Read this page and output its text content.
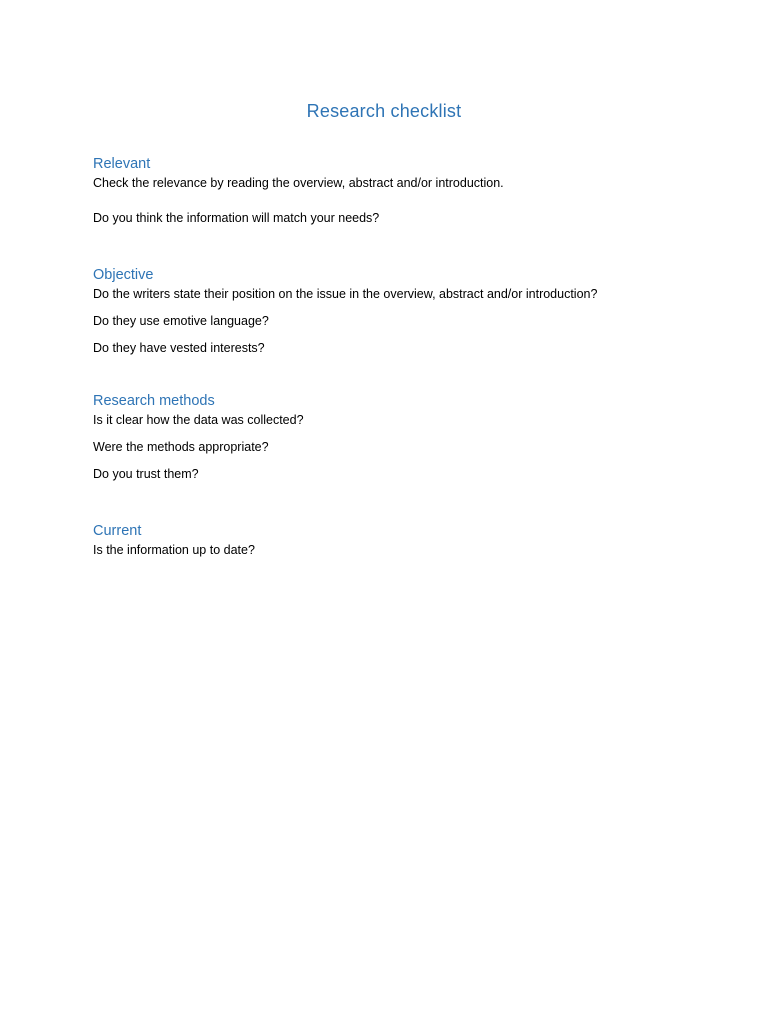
Research checklist
Relevant

Check the relevance by reading the overview, abstract and/or introduction.

Do you think the information will match your needs?

Objective

Do the writers state their position on the issue in the overview, abstract and/or introduction?

Do they use emotive language?

Do they have vested interests?

Research methods

Is it clear how the data was collected?

Were the methods appropriate?

Do you trust them?

Current

Is the information up to date?
